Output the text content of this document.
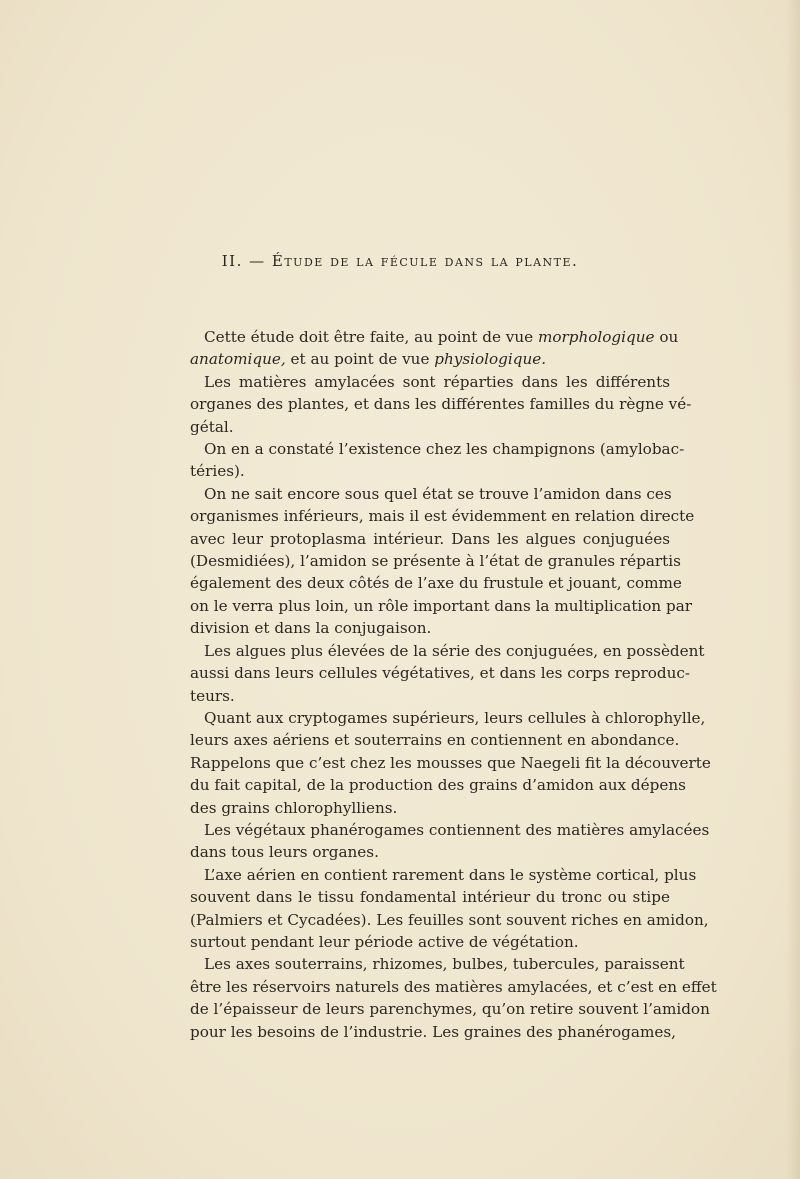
II. — Étude de la fécule dans la plante.
Cette étude doit être faite, au point de vue morphologique ou
anatomique, et au point de vue physiologique.
Les matières amylacées sont réparties dans les différents
organes des plantes, et dans les différentes familles du règne vé-
gétal.
On en a constaté l’existence chez les champignons (amylobac-
téries).
On ne sait encore sous quel état se trouve l’amidon dans ces
organismes inférieurs, mais il est évidemment en relation directe
avec leur protoplasma intérieur. Dans les algues conjuguées
(Desmidiées), l’amidon se présente à l’état de granules répartis
également des deux côtés de l’axe du frustule et jouant, comme
on le verra plus loin, un rôle important dans la multiplication par
division et dans la conjugaison.
Les algues plus élevées de la série des conjuguées, en possèdent
aussi dans leurs cellules végétatives, et dans les corps reproduc-
teurs.
Quant aux cryptogames supérieurs, leurs cellules à chlorophylle,
leurs axes aériens et souterrains en contiennent en abondance.
Rappelons que c’est chez les mousses que Naegeli fit la découverte
du fait capital, de la production des grains d’amidon aux dépens
des grains chlorophylliens.
Les végétaux phanérogames contiennent des matières amylacées
dans tous leurs organes.
L’axe aérien en contient rarement dans le système cortical, plus
souvent dans le tissu fondamental intérieur du tronc ou stipe
(Palmiers et Cycadées). Les feuilles sont souvent riches en amidon,
surtout pendant leur période active de végétation.
Les axes souterrains, rhizomes, bulbes, tubercules, paraissent
être les réservoirs naturels des matières amylacées, et c’est en effet
de l’épaisseur de leurs parenchymes, qu’on retire souvent l’amidon
pour les besoins de l’industrie. Les graines des phanérogames,
